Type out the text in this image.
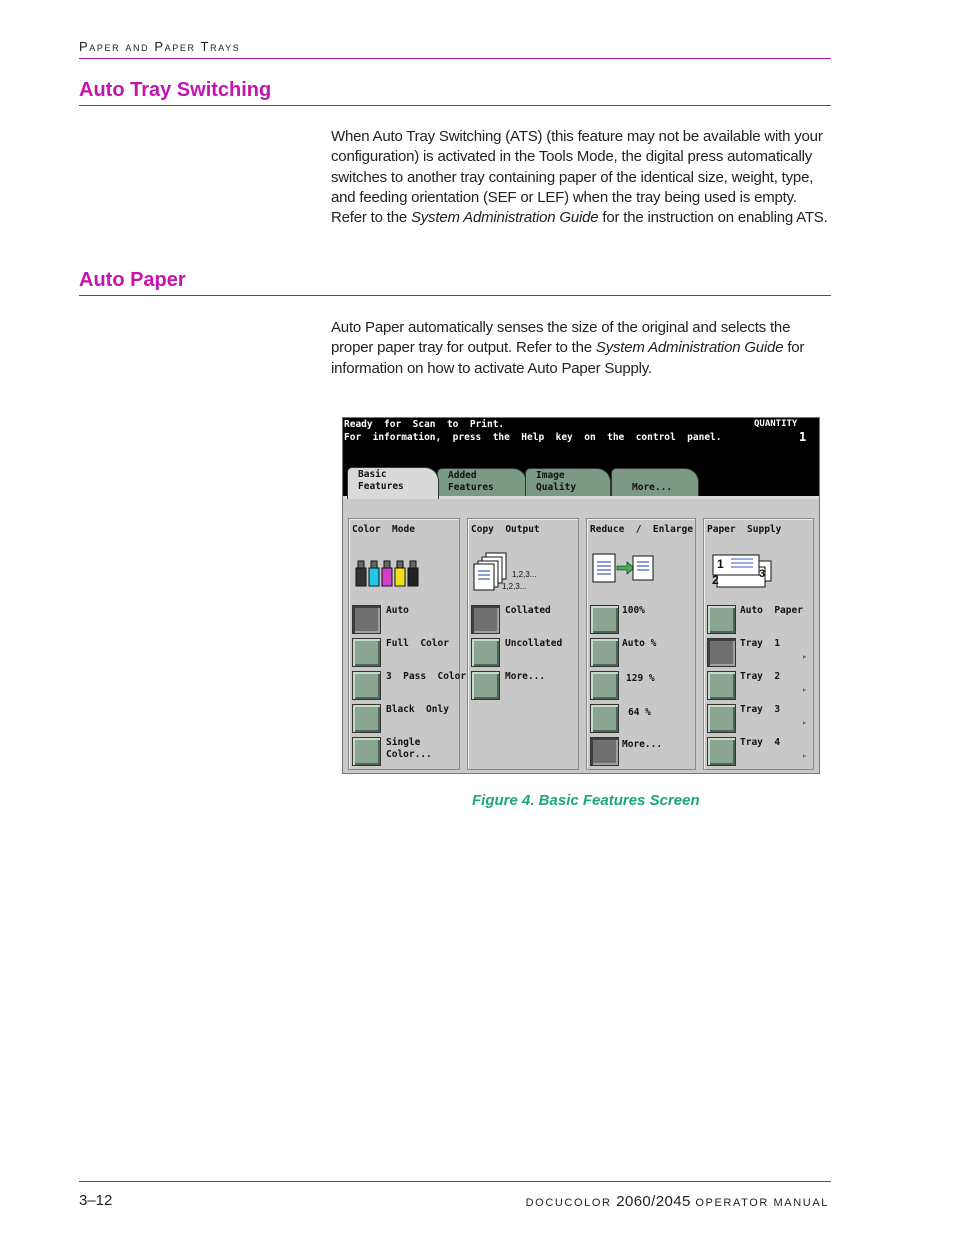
Paper and Paper Trays
Auto Tray Switching
When Auto Tray Switching (ATS) (this feature may not be available with your configuration) is activated in the Tools Mode, the digital press automatically switches to another tray containing paper of the identical size, weight, type, and feeding orientation (SEF or LEF) when the tray being used is empty. Refer to the System Administration Guide for the instruction on enabling ATS.
Auto Paper
Auto Paper automatically senses the size of the original and selects the proper paper tray for output. Refer to the System Administration Guide for information on how to activate Auto Paper Supply.
Ready  for  Scan  to  Print.
For  information,  press  the  Help  key  on  the  control  panel.
QUANTITY
1
Basic
Features
Added
Features
Image
Quality	
More...
Color  Mode
Auto
Full  Color
3  Pass  Color
Black  Only
Single
Color...
Copy  Output
1,2,3...
1,2,3...
Collated
Uncollated
More...
Reduce  /  Enlarge
100%
Auto %
129 %
64 %
More...
Paper  Supply
1
2	3
Auto  Paper
Tray  1
▹
Tray  2
▹
Tray  3
▹
Tray  4
▹
Figure 4. Basic Features Screen
3–12	DOCUCOLOR 2060/2045 OPERATOR MANUAL
